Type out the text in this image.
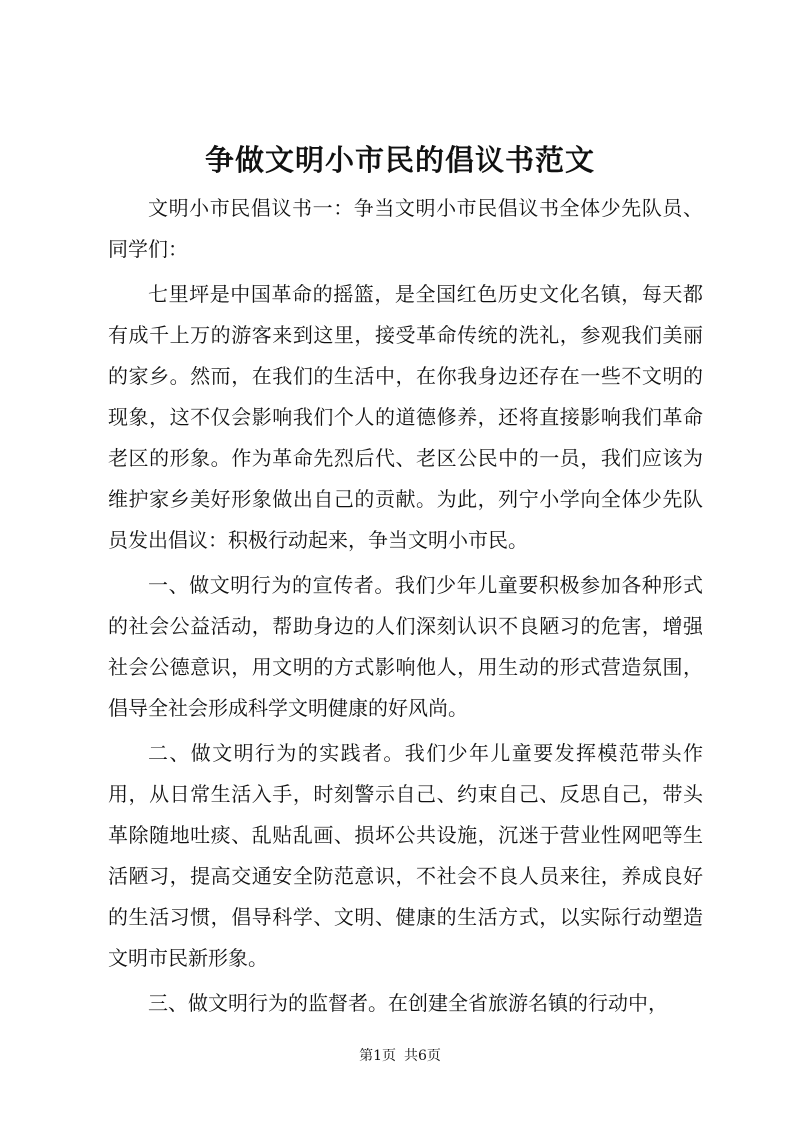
争做文明小市民的倡议书范文

文明小市民倡议书一：争当文明小市民倡议书全体少先队员、同学们：

七里坪是中国革命的摇篮，是全国红色历史文化名镇，每天都有成千上万的游客来到这里，接受革命传统的洗礼，参观我们美丽的家乡。然而，在我们的生活中，在你我身边还存在一些不文明的现象，这不仅会影响我们个人的道德修养，还将直接影响我们革命老区的形象。作为革命先烈后代、老区公民中的一员，我们应该为维护家乡美好形象做出自己的贡献。为此，列宁小学向全体少先队员发出倡议：积极行动起来，争当文明小市民。

一、做文明行为的宣传者。我们少年儿童要积极参加各种形式的社会公益活动，帮助身边的人们深刻认识不良陋习的危害，增强社会公德意识，用文明的方式影响他人，用生动的形式营造氛围，倡导全社会形成科学文明健康的好风尚。

二、做文明行为的实践者。我们少年儿童要发挥模范带头作用，从日常生活入手，时刻警示自己、约束自己、反思自己，带头革除随地吐痰、乱贴乱画、损坏公共设施，沉迷于营业性网吧等生活陋习，提高交通安全防范意识，不社会不良人员来往，养成良好的生活习惯，倡导科学、文明、健康的生活方式，以实际行动塑造文明市民新形象。

三、做文明行为的监督者。在创建全省旅游名镇的行动中，

第1页 共6页
